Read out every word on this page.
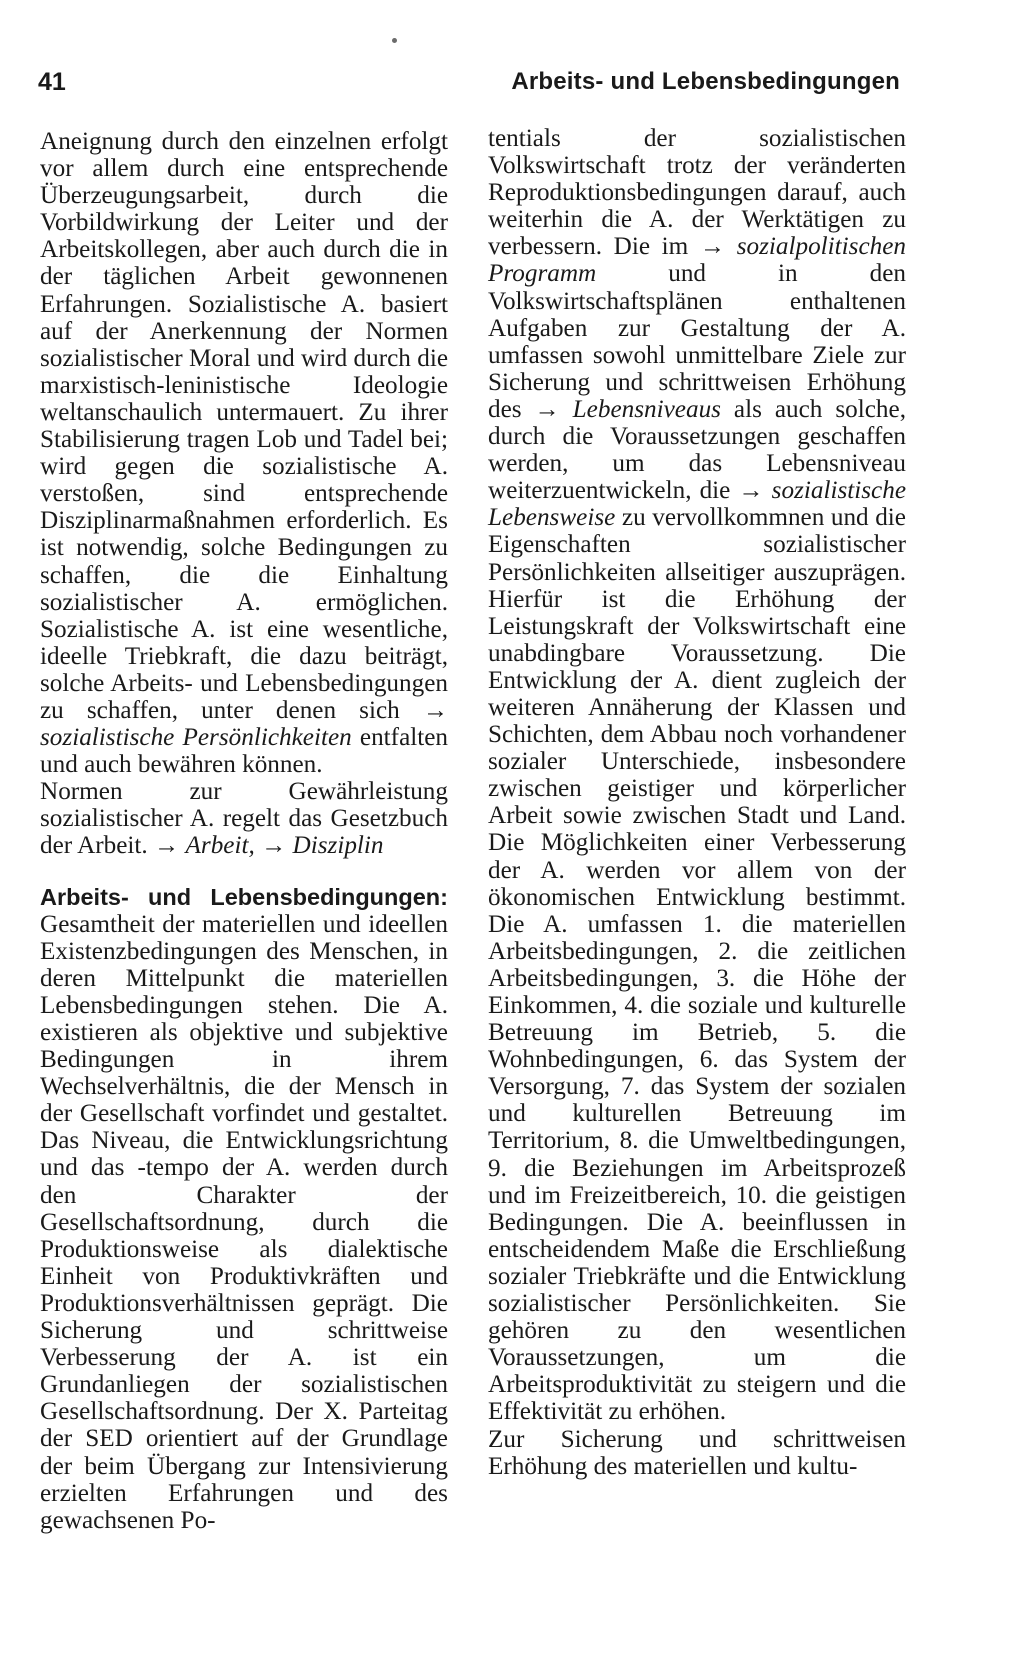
41	Arbeits- und Lebensbedingungen

Aneignung durch den einzelnen erfolgt vor allem durch eine entsprechende Überzeugungsarbeit, durch die Vorbildwirkung der Leiter und der Arbeitskollegen, aber auch durch die in der täglichen Arbeit gewonnenen Erfahrungen. Sozialistische A. basiert auf der Anerkennung der Normen sozialistischer Moral und wird durch die marxistisch-leninistische Ideologie weltanschaulich untermauert. Zu ihrer Stabilisierung tragen Lob und Tadel bei; wird gegen die sozialistische A. verstoßen, sind entsprechende Disziplinarmaßnahmen erforderlich. Es ist notwendig, solche Bedingungen zu schaffen, die die Einhaltung sozialistischer A. ermöglichen. Sozialistische A. ist eine wesentliche, ideelle Triebkraft, die dazu beiträgt, solche Arbeits- und Lebensbedingungen zu schaffen, unter denen sich → sozialistische Persönlichkeiten entfalten und auch bewähren können.

Normen zur Gewährleistung sozialistischer A. regelt das Gesetzbuch der Arbeit. → Arbeit, → Disziplin

Arbeits- und Lebensbedingungen: Gesamtheit der materiellen und ideellen Existenzbedingungen des Menschen, in deren Mittelpunkt die materiellen Lebensbedingungen stehen. Die A. existieren als objektive und subjektive Bedingungen in ihrem Wechselverhältnis, die der Mensch in der Gesellschaft vorfindet und gestaltet. Das Niveau, die Entwicklungsrichtung und das -tempo der A. werden durch den Charakter der Gesellschaftsordnung, durch die Produktionsweise als dialektische Einheit von Produktivkräften und Produktionsverhältnissen geprägt. Die Sicherung und schrittweise Verbesserung der A. ist ein Grundanliegen der sozialistischen Gesellschaftsordnung. Der X. Parteitag der SED orientiert auf der Grundlage der beim Übergang zur Intensivierung erzielten Erfahrungen und des gewachsenen Po-

tentials der sozialistischen Volkswirtschaft trotz der veränderten Reproduktionsbedingungen darauf, auch weiterhin die A. der Werktätigen zu verbessern. Die im → sozialpolitischen Programm	und in den Volkswirtschaftsplänen enthaltenen Aufgaben zur Gestaltung der A. umfassen sowohl unmittelbare Ziele zur Sicherung und schrittweisen Erhöhung des → Lebensniveaus als auch solche, durch die Voraussetzungen geschaffen werden, um das Lebensniveau weiterzuentwickeln, die → sozialistische Lebensweise zu vervollkommnen und die Eigenschaften sozialistischer Persönlichkeiten allseitiger auszuprägen. Hierfür ist die Erhöhung der Leistungskraft der Volkswirtschaft eine unabdingbare Voraussetzung. Die Entwicklung der A. dient zugleich der weiteren Annäherung der Klassen und Schichten, dem Abbau noch vorhandener sozialer Unterschiede, insbesondere zwischen geistiger und körperlicher Arbeit sowie zwischen Stadt und Land. Die Möglichkeiten einer Verbesserung der A. werden vor allem von der ökonomischen Entwicklung bestimmt. Die A. umfassen 1. die materiellen Arbeitsbedingungen, 2. die zeitlichen Arbeitsbedingungen, 3. die Höhe der Einkommen, 4. die soziale und kulturelle Betreuung im Betrieb, 5. die Wohnbedingungen, 6. das System der Versorgung, 7. das System der sozialen und kulturellen Betreuung im Territorium, 8. die Umweltbedingungen, 9. die Beziehungen im Arbeitsprozeß und im Freizeitbereich, 10. die geistigen Bedingungen. Die A. beeinflussen in entscheidendem Maße die Erschließung sozialer Triebkräfte und die Entwicklung sozialistischer Persönlichkeiten. Sie gehören zu den wesentlichen Voraussetzungen, um die Arbeitsproduktivität zu steigern und die Effektivität zu erhöhen.

Zur Sicherung und schrittweisen Erhöhung des materiellen und kultu-
